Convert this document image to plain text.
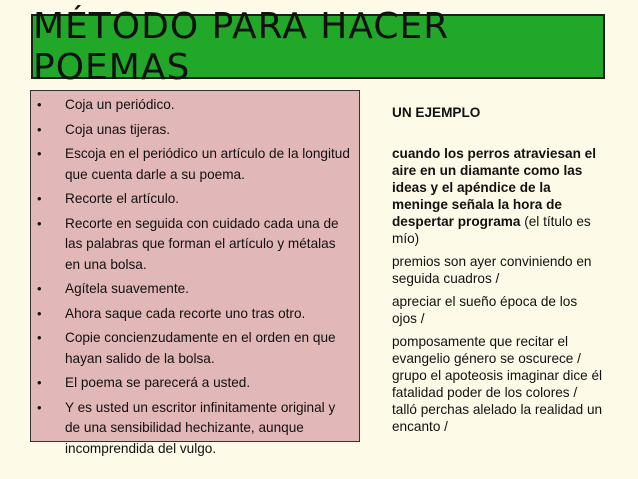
MÉTODO PARA HACER POEMAS
• Coja un periódico.
• Coja unas tijeras.
• Escoja en el periódico un artículo de la longitud que cuenta darle a su poema.
• Recorte el artículo.
• Recorte en seguida con cuidado cada una de las palabras que forman el artículo y métalas en una bolsa.
• Agítela suavemente.
• Ahora saque cada recorte uno tras otro.
• Copie concienzudamente en el orden en que hayan salido de la bolsa.
• El poema se parecerá a usted.
• Y es usted un escritor infinitamente original y de una sensibilidad hechizante, aunque incomprendida del vulgo.
UN EJEMPLO
cuando los perros atraviesan el aire en un diamante como las ideas y el apéndice de la meninge señala la hora de despertar programa (el título es mío)
premios son ayer conviniendo en seguida cuadros /
apreciar el sueño época de los ojos /
pomposamente que recitar el evangelio género se oscurece / grupo el apoteosis imaginar dice él fatalidad poder de los colores / talló perchas alelado la realidad un encanto /
